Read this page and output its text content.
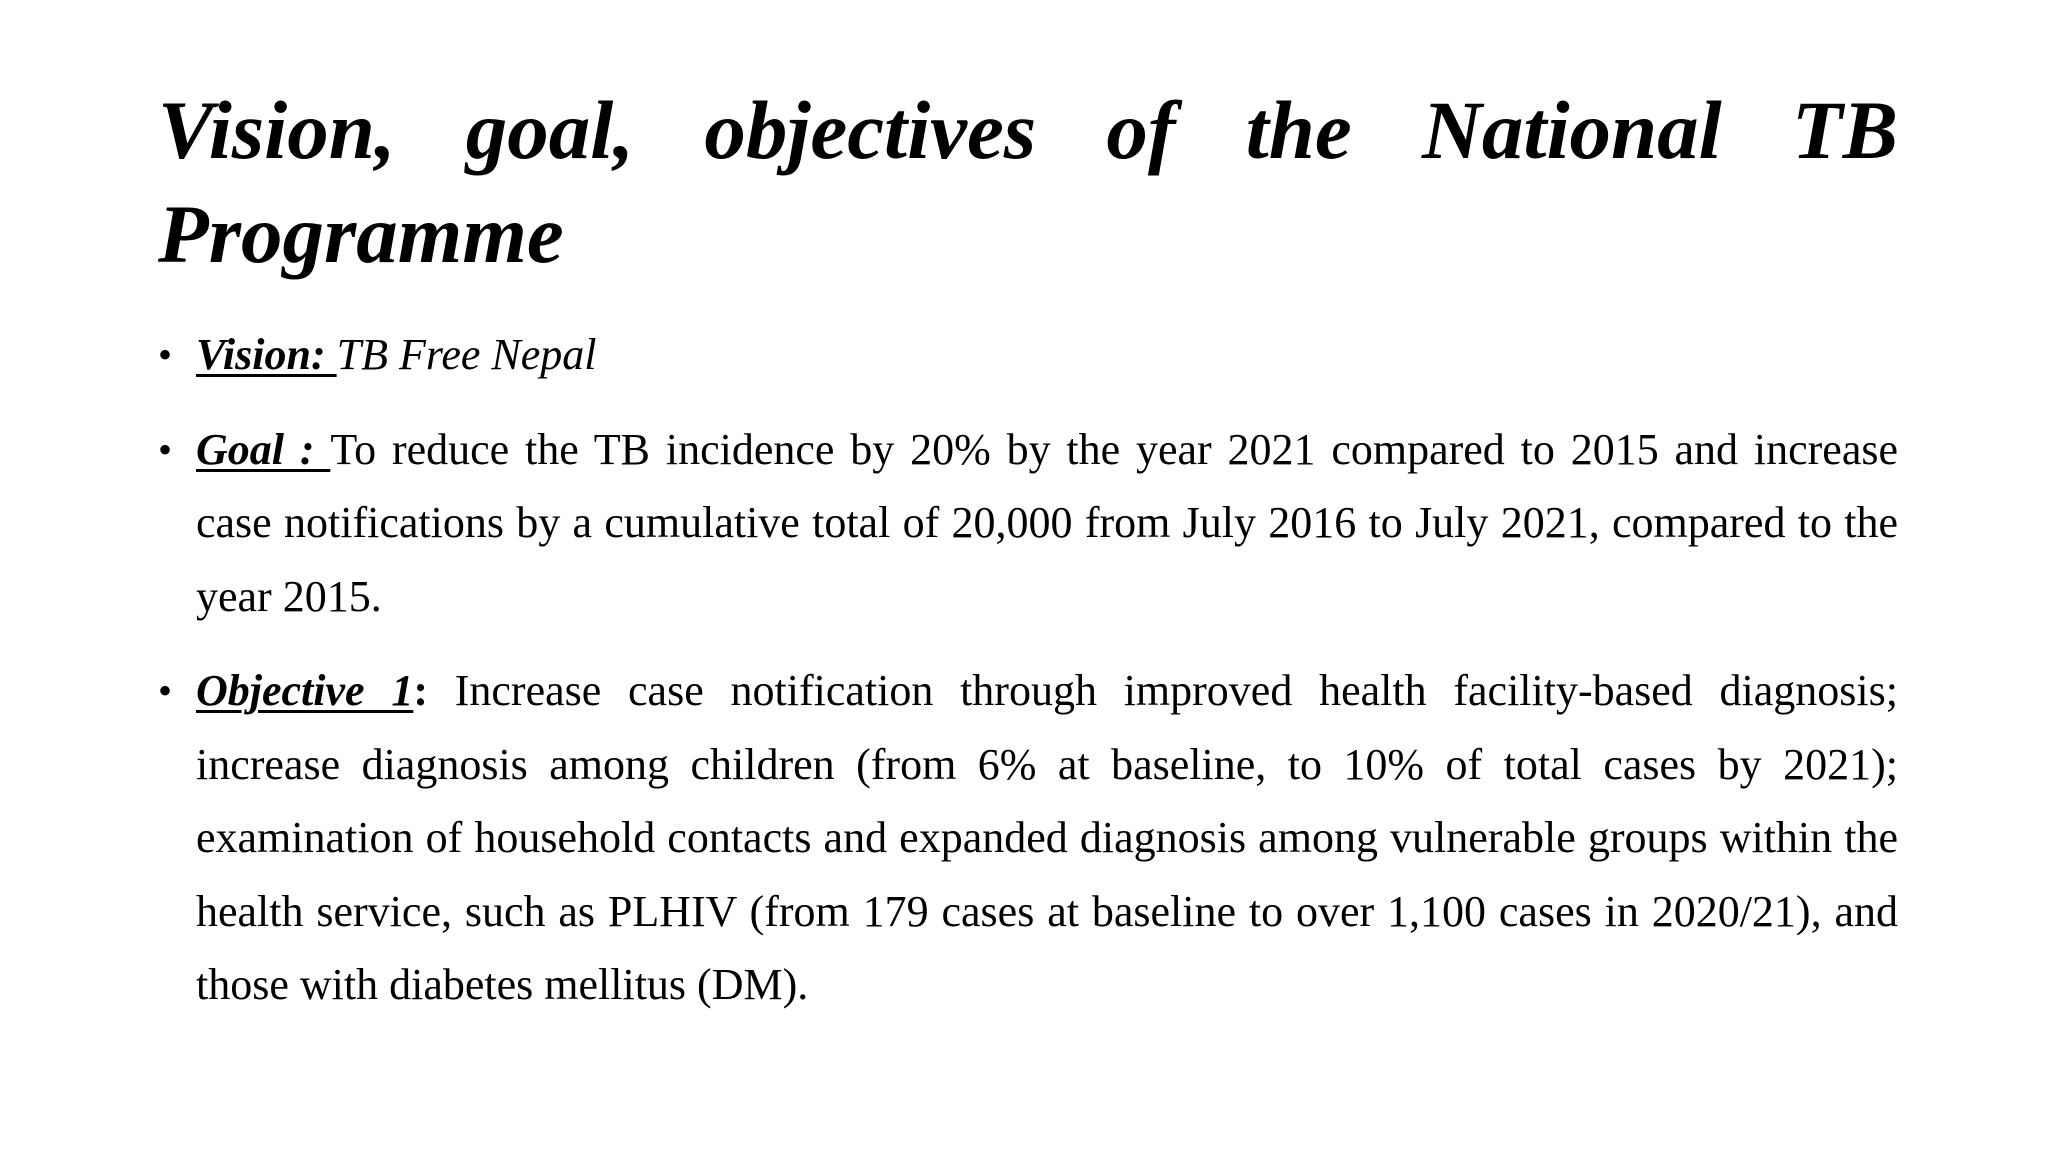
Vision, goal, objectives of the National TB
Programme
• Vision: TB Free Nepal
• Goal : To reduce the TB incidence by 20% by the year 2021 compared to 2015 and increase case notifications by a cumulative total of 20,000 from July 2016 to July 2021, compared to the year 2015.
• Objective 1: Increase case notification through improved health facility-based diagnosis; increase diagnosis among children (from 6% at baseline, to 10% of total cases by 2021); examination of household contacts and expanded diagnosis among vulnerable groups within the health service, such as PLHIV (from 179 cases at baseline to over 1,100 cases in 2020/21), and those with diabetes mellitus (DM).
